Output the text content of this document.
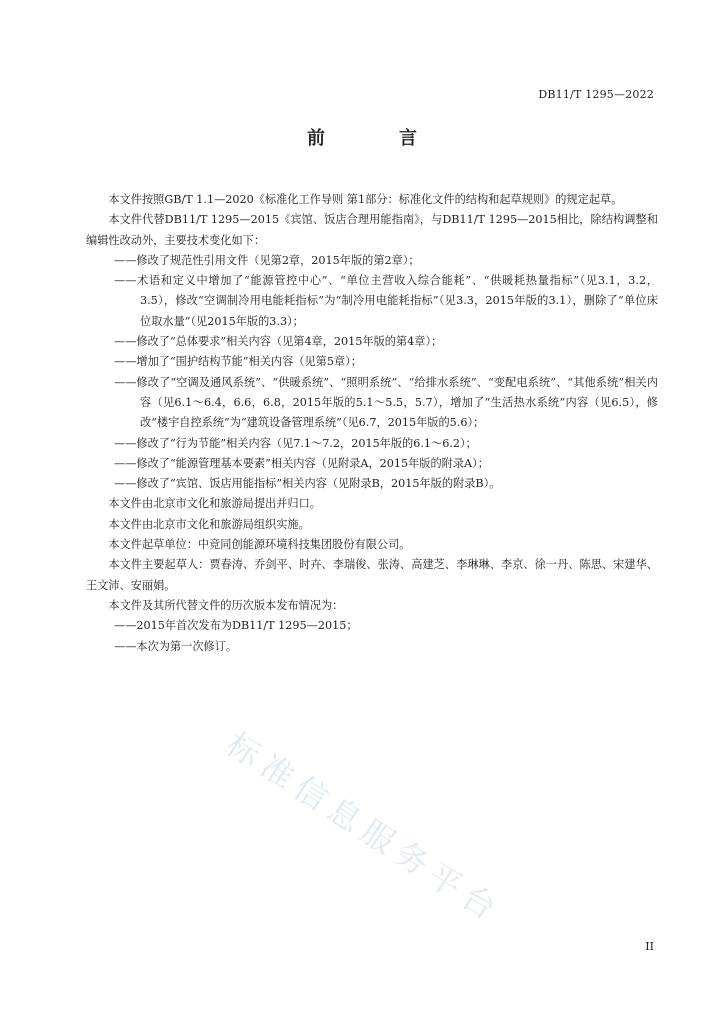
DB11/T 1295—2022
前　言

本文件按照GB/T 1.1—2020《标准化工作导则 第1部分：标准化文件的结构和起草规则》的规定起草。

本文件代替DB11/T 1295—2015《宾馆、饭店合理用能指南》，与DB11/T 1295—2015相比，除结构调整和编辑性改动外，主要技术变化如下：

——修改了规范性引用文件（见第2章，2015年版的第2章）；

——术语和定义中增加了“能源管控中心”、“单位主营收入综合能耗”、“供暖耗热量指标”（见3.1，3.2，3.5），修改“空调制冷用电能耗指标”为“制冷用电能耗指标”（见3.3，2015年版的3.1），删除了“单位床位取水量”（见2015年版的3.3）；

——修改了“总体要求”相关内容（见第4章，2015年版的第4章）；

——增加了“围护结构节能”相关内容（见第5章）；

——修改了“空调及通风系统”、“供暖系统”、“照明系统”、“给排水系统”、“变配电系统”、“其他系统”相关内容（见6.1～6.4，6.6，6.8，2015年版的5.1～5.5，5.7），增加了“生活热水系统”内容（见6.5），修改“楼宇自控系统”为“建筑设备管理系统”（见6.7，2015年版的5.6）；

——修改了“行为节能”相关内容（见7.1～7.2，2015年版的6.1～6.2）；

——修改了“能源管理基本要素”相关内容（见附录A，2015年版的附录A）；

——修改了“宾馆、饭店用能指标”相关内容（见附录B，2015年版的附录B）。

本文件由北京市文化和旅游局提出并归口。

本文件由北京市文化和旅游局组织实施。

本文件起草单位：中竞同创能源环境科技集团股份有限公司。

本文件主要起草人：贾春涛、乔剑平、时卉、李瑞俊、张涛、高建芝、李琳琳、李京、徐一丹、陈思、宋建华、王文沛、安丽娟。

本文件及其所代替文件的历次版本发布情况为：

——2015年首次发布为DB11/T 1295—2015；

——本次为第一次修订。

标准信息服务平台
II
